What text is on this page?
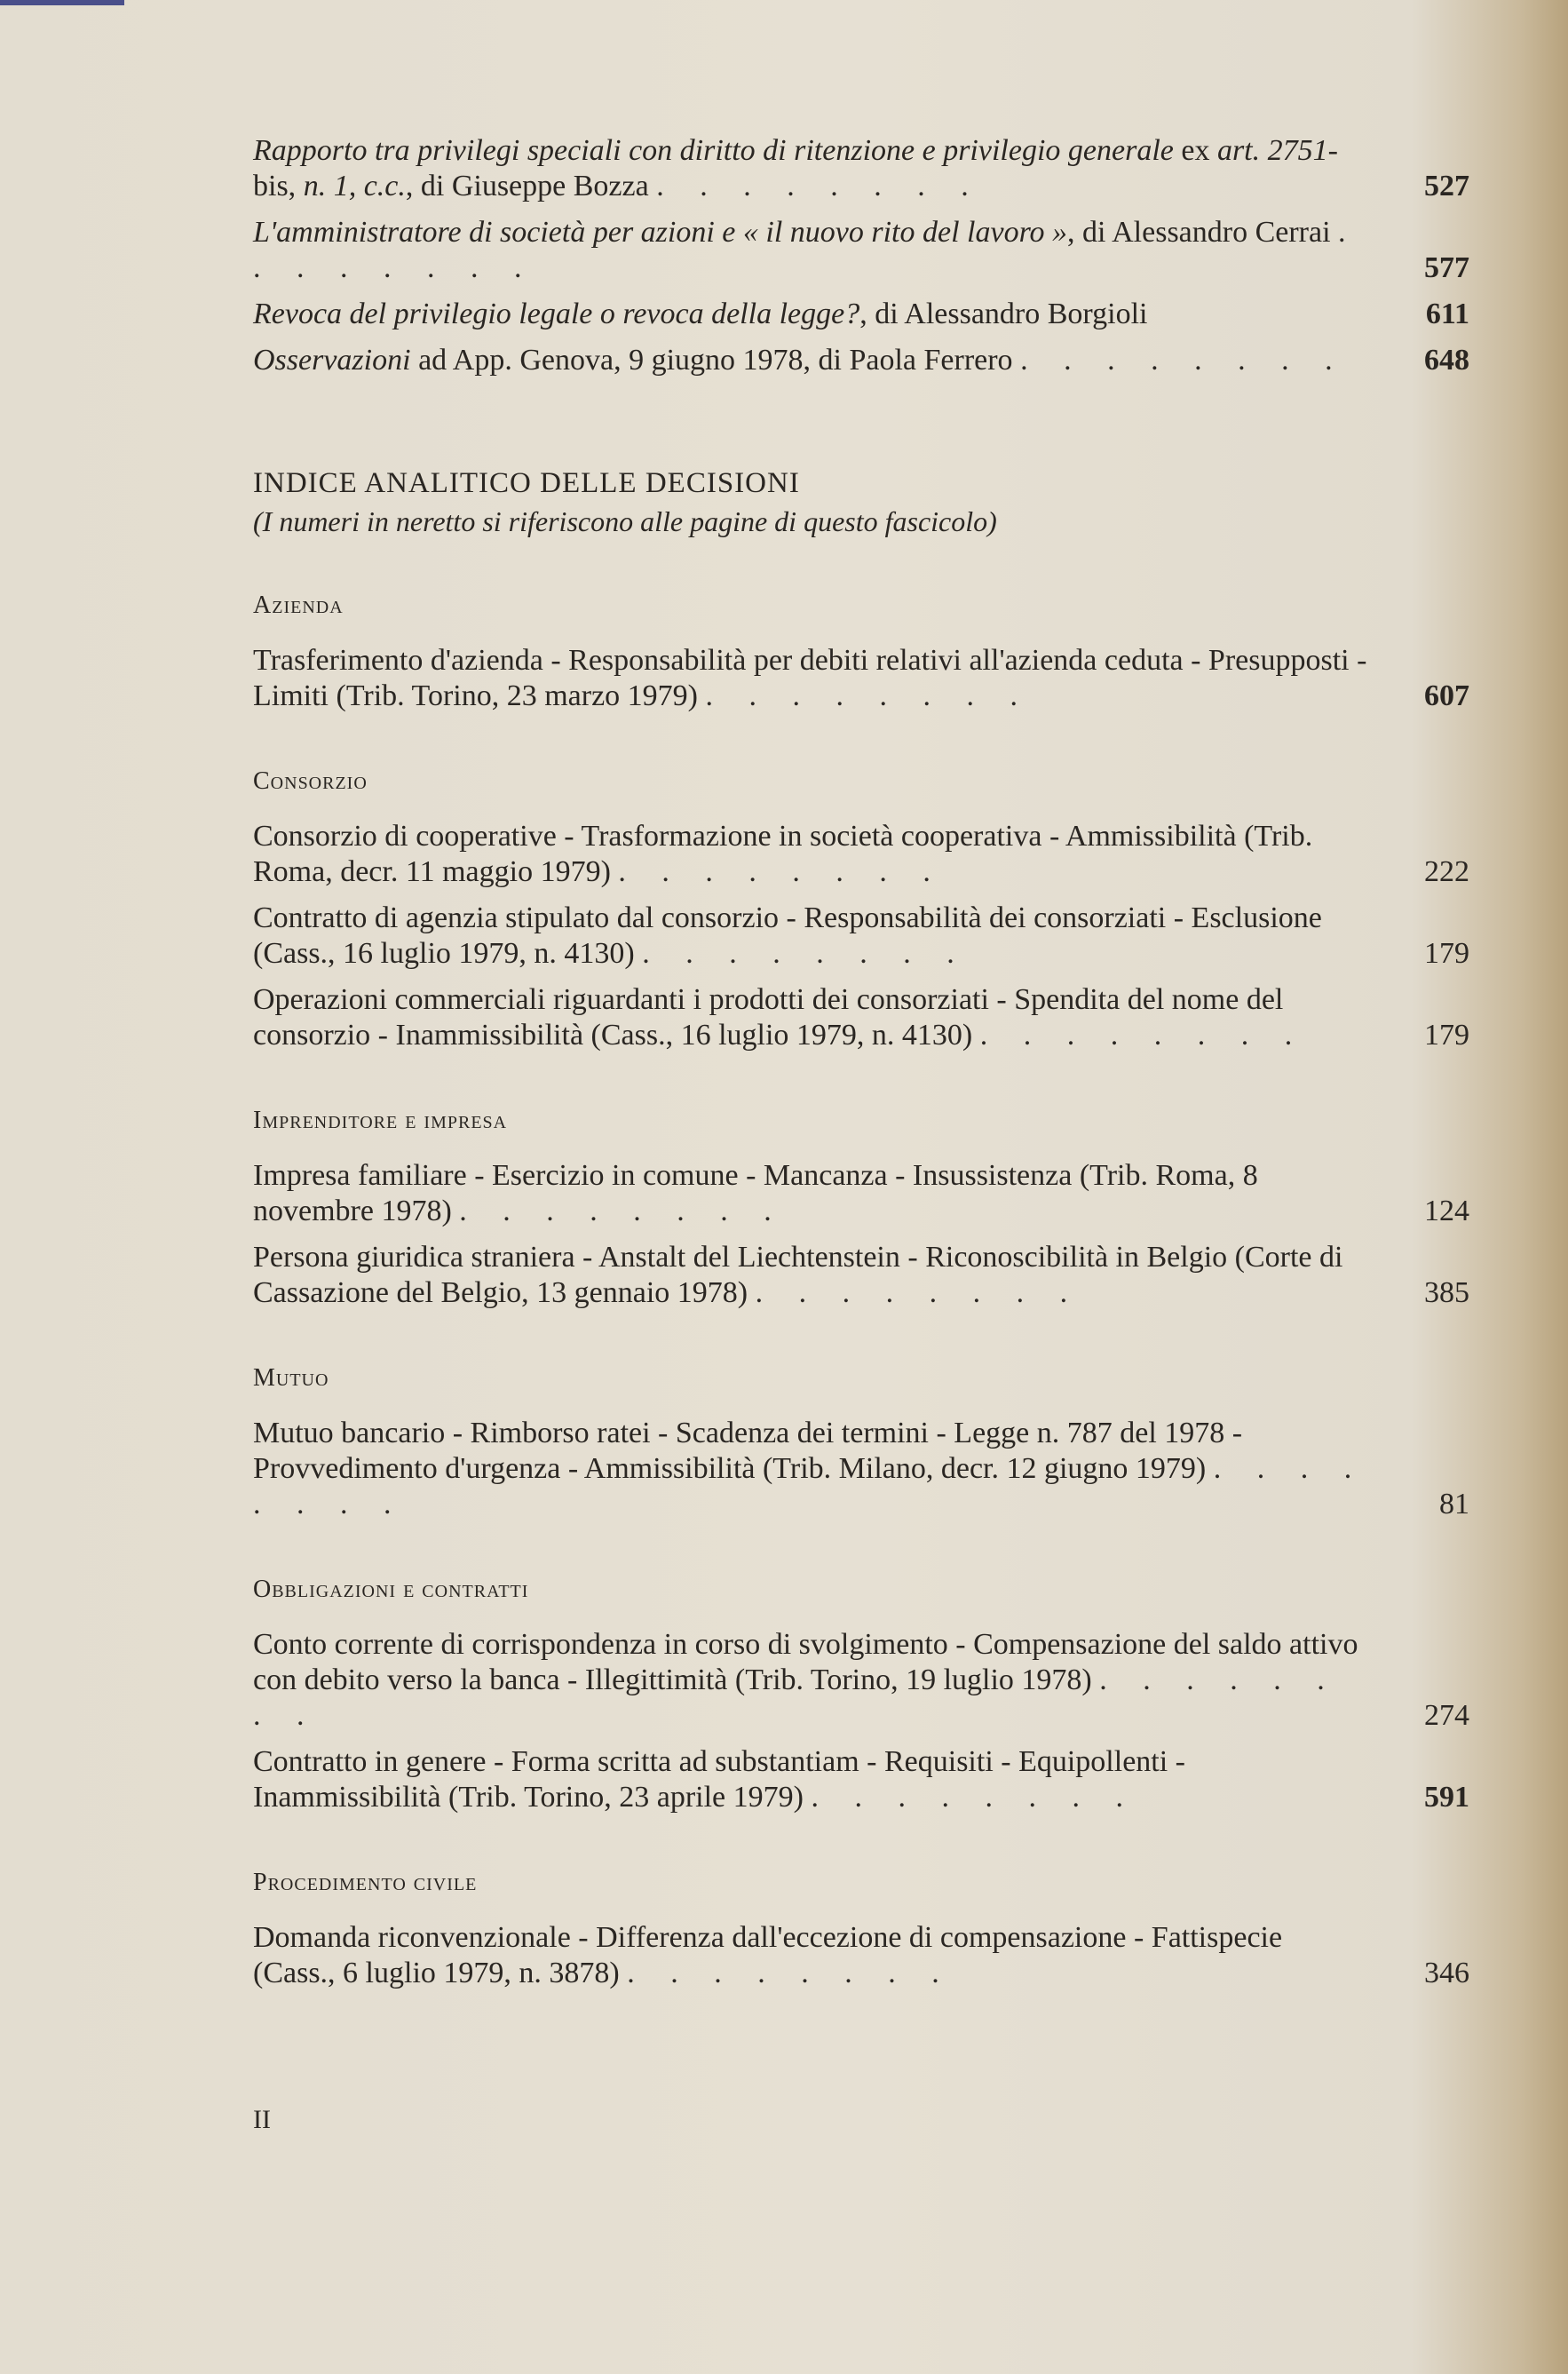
Rapporto tra privilegi speciali con diritto di ritenzione e privilegio generale ex art. 2751-bis, n. 1, c.c., di Giuseppe Bozza . . . . . . . .	527
L'amministratore di società per azioni e « il nuovo rito del lavoro », di Alessandro Cerrai . . . . . . . .	577
Revoca del privilegio legale o revoca della legge?, di Alessandro Borgioli	611
Osservazioni ad App. Genova, 9 giugno 1978, di Paola Ferrero . . . . . . . .	648
INDICE ANALITICO DELLE DECISIONI
(I numeri in neretto si riferiscono alle pagine di questo fascicolo)
Azienda
Trasferimento d'azienda - Responsabilità per debiti relativi all'azienda ceduta - Presupposti - Limiti (Trib. Torino, 23 marzo 1979) . . . . . . . .	607
Consorzio
Consorzio di cooperative - Trasformazione in società cooperativa - Ammissibilità (Trib. Roma, decr. 11 maggio 1979) . . . . . . . .	222
Contratto di agenzia stipulato dal consorzio - Responsabilità dei consorziati - Esclusione (Cass., 16 luglio 1979, n. 4130) . . . . . . . .	179
Operazioni commerciali riguardanti i prodotti dei consorziati - Spendita del nome del consorzio - Inammissibilità (Cass., 16 luglio 1979, n. 4130) . . . . . . . .	179
Imprenditore e impresa
Impresa familiare - Esercizio in comune - Mancanza - Insussistenza (Trib. Roma, 8 novembre 1978) . . . . . . . .	124
Persona giuridica straniera - Anstalt del Liechtenstein - Riconoscibilità in Belgio (Corte di Cassazione del Belgio, 13 gennaio 1978) . . . . . . . .	385
Mutuo
Mutuo bancario - Rimborso ratei - Scadenza dei termini - Legge n. 787 del 1978 - Provvedimento d'urgenza - Ammissibilità (Trib. Milano, decr. 12 giugno 1979) . . . . . . . .	81
Obbligazioni e contratti
Conto corrente di corrispondenza in corso di svolgimento - Compensazione del saldo attivo con debito verso la banca - Illegittimità (Trib. Torino, 19 luglio 1978) . . . . . . . .	274
Contratto in genere - Forma scritta ad substantiam - Requisiti - Equipollenti - Inammissibilità (Trib. Torino, 23 aprile 1979) . . . . . . . .	591
Procedimento civile
Domanda riconvenzionale - Differenza dall'eccezione di compensazione - Fattispecie (Cass., 6 luglio 1979, n. 3878) . . . . . . . .	346
II
